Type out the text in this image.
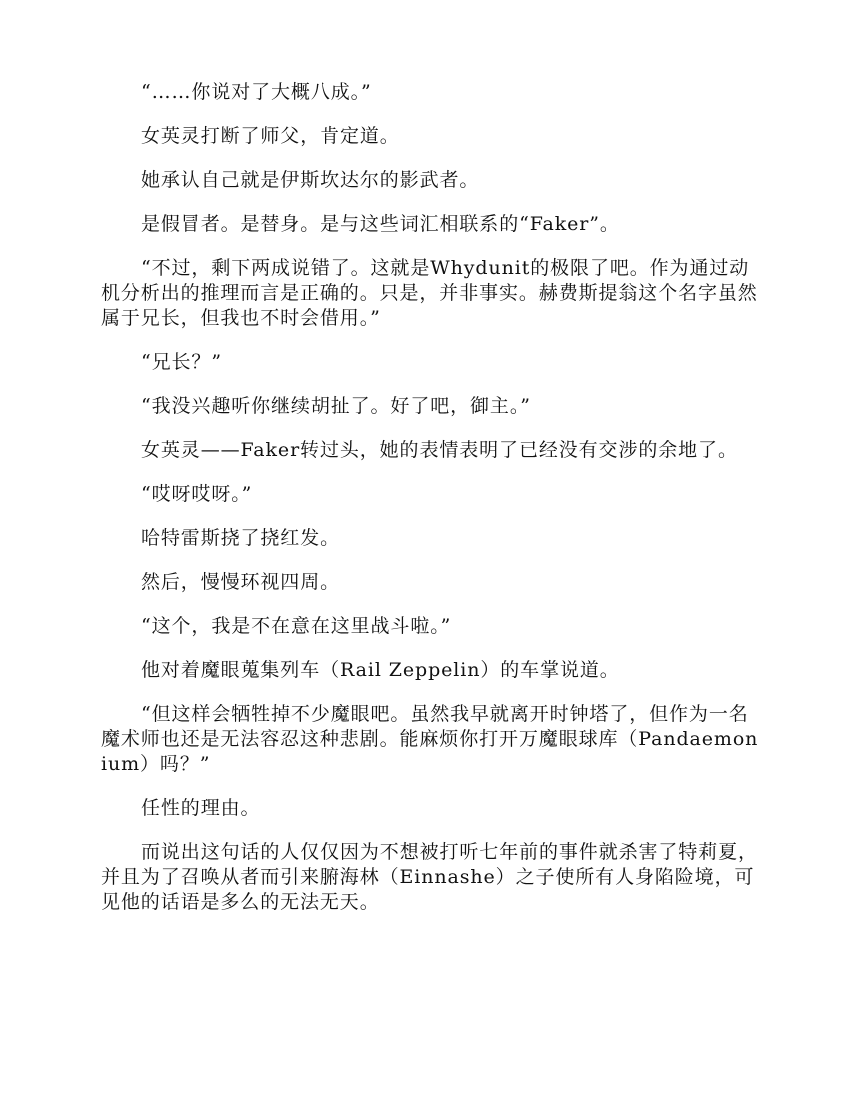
“……你说对了大概八成。”

女英灵打断了师父，肯定道。

她承认自己就是伊斯坎达尔的影武者。

是假冒者。是替身。是与这些词汇相联系的“Faker”。

“不过，剩下两成说错了。这就是Whydunit的极限了吧。作为通过动机分析出的推理而言是正确的。只是，并非事实。赫费斯提翁这个名字虽然属于兄长，但我也不时会借用。”

“兄长？”

“我没兴趣听你继续胡扯了。好了吧，御主。”

女英灵——Faker转过头，她的表情表明了已经没有交涉的余地了。

“哎呀哎呀。”

哈特雷斯挠了挠红发。

然后，慢慢环视四周。

“这个，我是不在意在这里战斗啦。”

他对着魔眼蒐集列车（Rail Zeppelin）的车掌说道。

“但这样会牺牲掉不少魔眼吧。虽然我早就离开时钟塔了，但作为一名魔术师也还是无法容忍这种悲剧。能麻烦你打开万魔眼球库（Pandaemonium）吗？”

任性的理由。

而说出这句话的人仅仅因为不想被打听七年前的事件就杀害了特莉夏，并且为了召唤从者而引来腑海林（Einnashe）之子使所有人身陷险境，可见他的话语是多么的无法无天。
